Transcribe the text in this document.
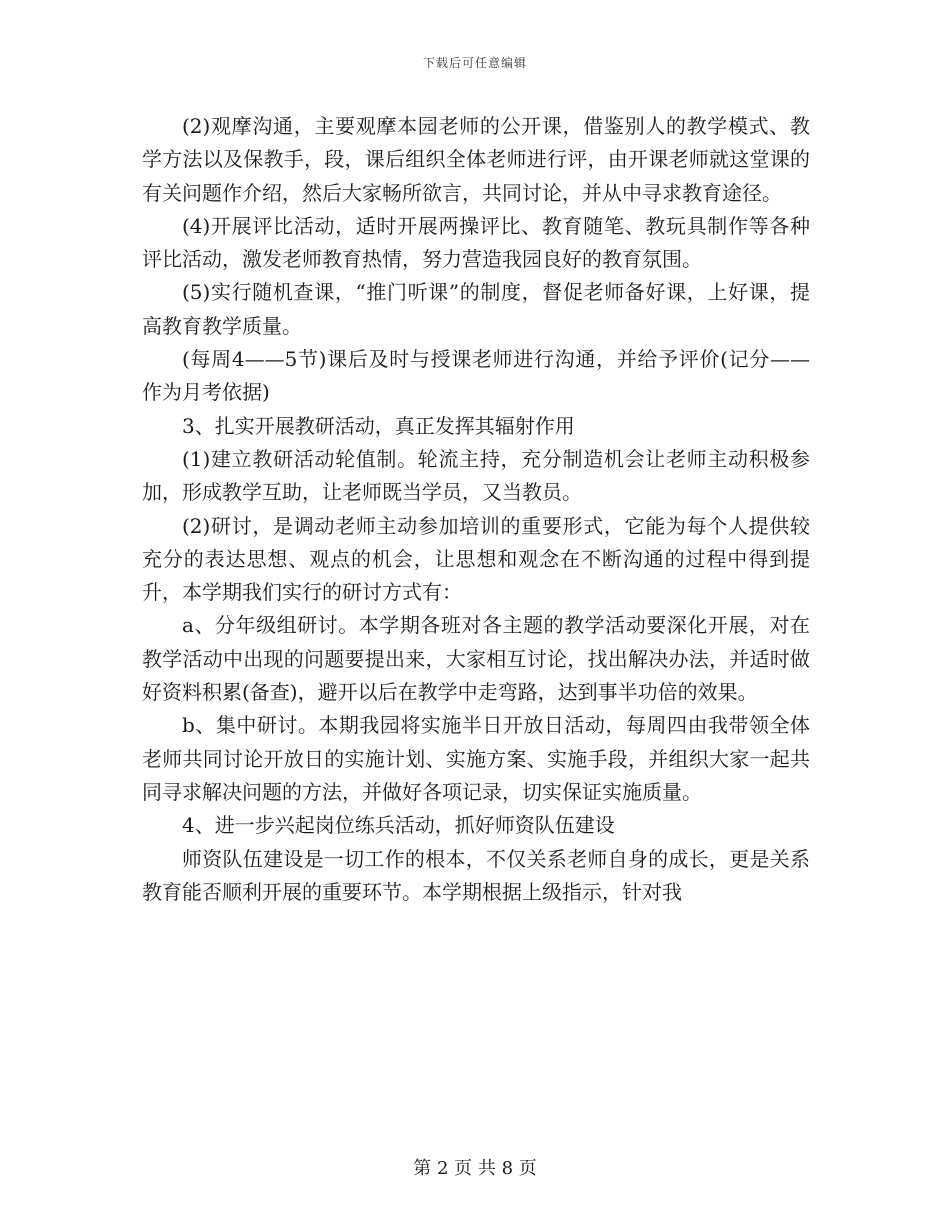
下载后可任意编辑

(2)观摩沟通，主要观摩本园老师的公开课，借鉴别人的教学模式、教学方法以及保教手，段，课后组织全体老师进行评，由开课老师就这堂课的有关问题作介绍，然后大家畅所欲言，共同讨论，并从中寻求教育途径。

(4)开展评比活动，适时开展两操评比、教育随笔、教玩具制作等各种评比活动，激发老师教育热情，努力营造我园良好的教育氛围。

(5)实行随机查课，“推门听课”的制度，督促老师备好课，上好课，提高教育教学质量。

(每周4——5节)课后及时与授课老师进行沟通，并给予评价(记分——作为月考依据)

3、扎实开展教研活动，真正发挥其辐射作用

(1)建立教研活动轮值制。轮流主持，充分制造机会让老师主动积极参加，形成教学互助，让老师既当学员，又当教员。

(2)研讨，是调动老师主动参加培训的重要形式，它能为每个人提供较充分的表达思想、观点的机会，让思想和观念在不断沟通的过程中得到提升，本学期我们实行的研讨方式有：

a、分年级组研讨。本学期各班对各主题的教学活动要深化开展，对在教学活动中出现的问题要提出来，大家相互讨论，找出解决办法，并适时做好资料积累(备查)，避开以后在教学中走弯路，达到事半功倍的效果。

b、集中研讨。本期我园将实施半日开放日活动，每周四由我带领全体老师共同讨论开放日的实施计划、实施方案、实施手段，并组织大家一起共同寻求解决问题的方法，并做好各项记录，切实保证实施质量。

4、进一步兴起岗位练兵活动，抓好师资队伍建设

师资队伍建设是一切工作的根本，不仅关系老师自身的成长，更是关系教育能否顺利开展的重要环节。本学期根据上级指示，针对我

第 2 页 共 8 页
